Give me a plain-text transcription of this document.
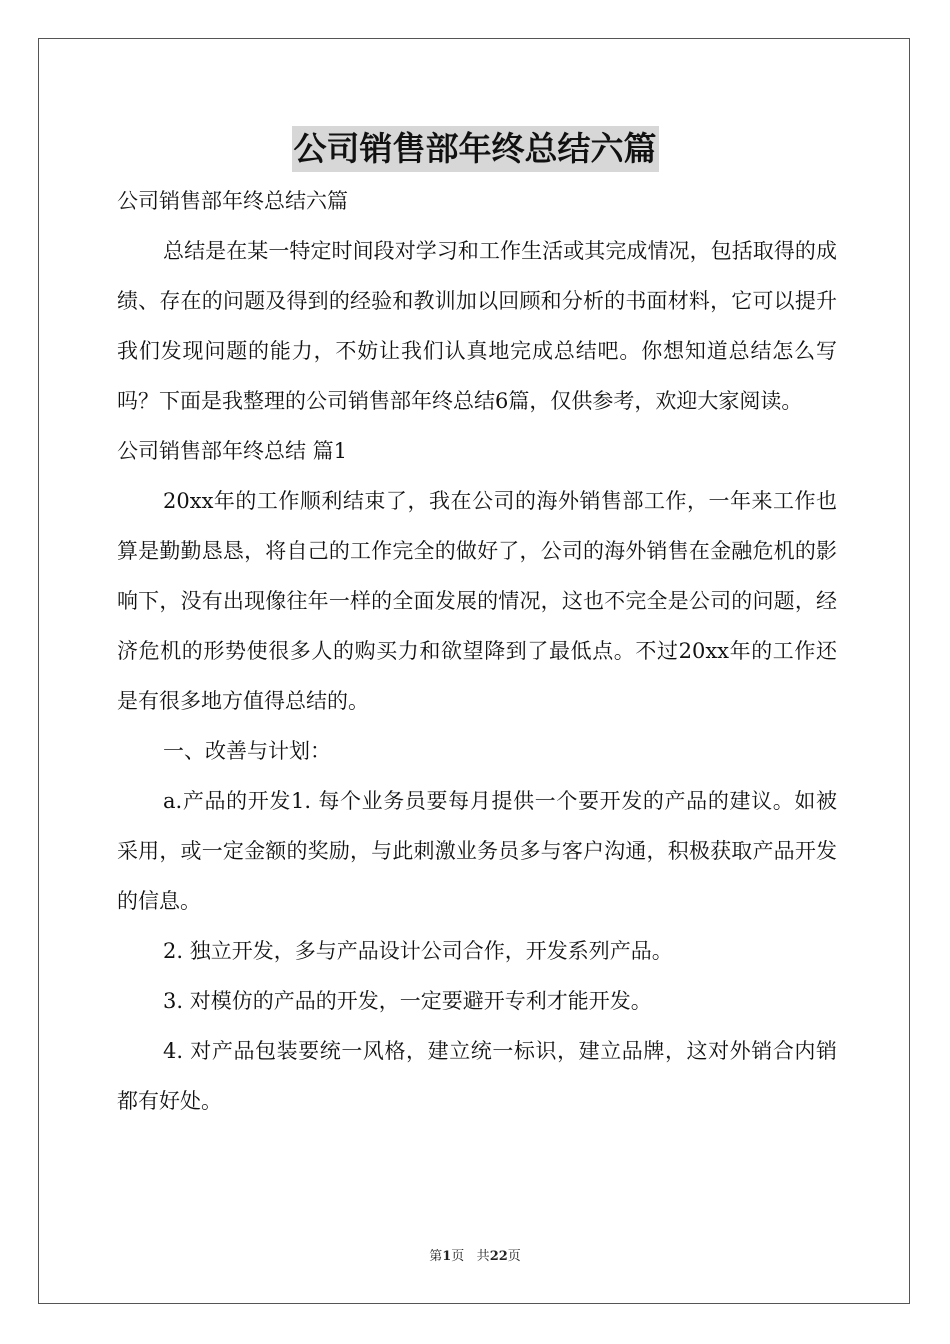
公司销售部年终总结六篇

公司销售部年终总结六篇

总结是在某一特定时间段对学习和工作生活或其完成情况，包括取得的成绩、存在的问题及得到的经验和教训加以回顾和分析的书面材料，它可以提升我们发现问题的能力，不妨让我们认真地完成总结吧。你想知道总结怎么写吗？下面是我整理的公司销售部年终总结6篇，仅供参考，欢迎大家阅读。

公司销售部年终总结 篇1

20xx年的工作顺利结束了，我在公司的海外销售部工作，一年来工作也算是勤勤恳恳，将自己的工作完全的做好了，公司的海外销售在金融危机的影响下，没有出现像往年一样的全面发展的情况，这也不完全是公司的问题，经济危机的形势使很多人的购买力和欲望降到了最低点。不过20xx年的工作还是有很多地方值得总结的。

一、改善与计划：

a.产品的开发1. 每个业务员要每月提供一个要开发的产品的建议。如被采用，或一定金额的奖励，与此刺激业务员多与客户沟通，积极获取产品开发的信息。

2. 独立开发，多与产品设计公司合作，开发系列产品。

3. 对模仿的产品的开发，一定要避开专利才能开发。

4. 对产品包装要统一风格，建立统一标识，建立品牌，这对外销合内销都有好处。

第1页 共22页
